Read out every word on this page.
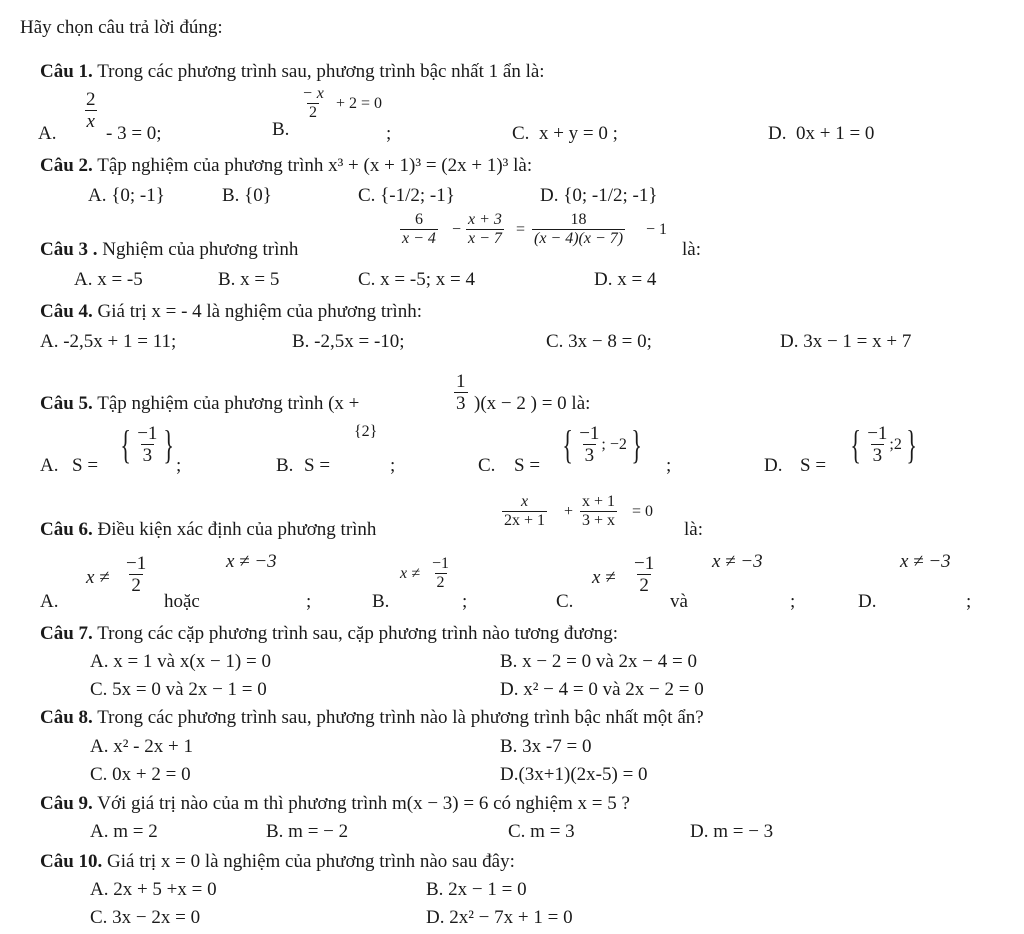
Hãy chọn câu trả lời đúng:
Câu 1. Trong các phương trình sau, phương trình bậc nhất 1 ẩn là:
A.
$\frac{2}{x}$
- 3 = 0;	B.
$\frac{- x}{2} + 2 = 0$
;	C. x + y = 0 ;	D. 0x + 1 = 0
Câu 2. Tập nghiệm của phương trình x³ + (x + 1)³ = (2x + 1)³ là:
A. {0; -1}	B. {0}	C. {-1/2; -1}	D. {0; -1/2; -1}
Câu 3 . Nghiệm của phương trình
$\frac{6}{x - 4} - \frac{x + 3}{x - 7} = \frac{18}{(x - 4)(x - 7)} - 1$
là:
A. x = -5	B. x = 5	C. x = -5; x = 4	D. x = 4
Câu 4. Giá trị x = - 4 là nghiệm của phương trình:
A. -2,5x + 1 = 11;	B. -2,5x = -10;	C. 3x − 8 = 0;	D. 3x − 1 = x + 7
Câu 5. Tập nghiệm của phương trình (x +	$\frac{1}{3} )(x - 2$ ) = 0 là:
A. S = { $\frac{-1}{3}$ } ;	B. S =
{2}
;	C. S = { $\frac{-1}{3}$ ; −2 } ;	D. S = { $\frac{-1}{3}$ ;2 }
Câu 6. Điều kiện xác định của phương trình
$\frac{x}{2x + 1} + \frac{x + 1}{3 + x} = 0$
là:
A.
$x \ne \frac{-1}{2}$
hoặc
x ≠ −3
;	B.
$x \ne \frac{-1}{2}$
;	C.
$x \ne \frac{-1}{2}$
và
x ≠ −3
;	D.
x ≠ −3
;
Câu 7. Trong các cặp phương trình sau, cặp phương trình nào tương đương:
A. x = 1 và x(x − 1) = 0	B. x − 2 = 0 và 2x − 4 = 0
C. 5x = 0 và 2x − 1 = 0	D. x² − 4 = 0 và 2x − 2 = 0
Câu 8. Trong các phương trình sau, phương trình nào là phương trình bậc nhất một ẩn?
A. x² - 2x + 1	B. 3x -7 = 0
C. 0x + 2 = 0	D.(3x+1)(2x-5) = 0
Câu 9. Với giá trị nào của m thì phương trình m(x − 3) = 6 có nghiệm x = 5 ?
A. m = 2	B. m = − 2	C. m = 3	D. m = − 3
Câu 10. Giá trị x = 0 là nghiệm của phương trình nào sau đây:
A. 2x + 5 +x = 0	B. 2x − 1 = 0
C. 3x − 2x = 0	D. 2x² − 7x + 1 = 0
